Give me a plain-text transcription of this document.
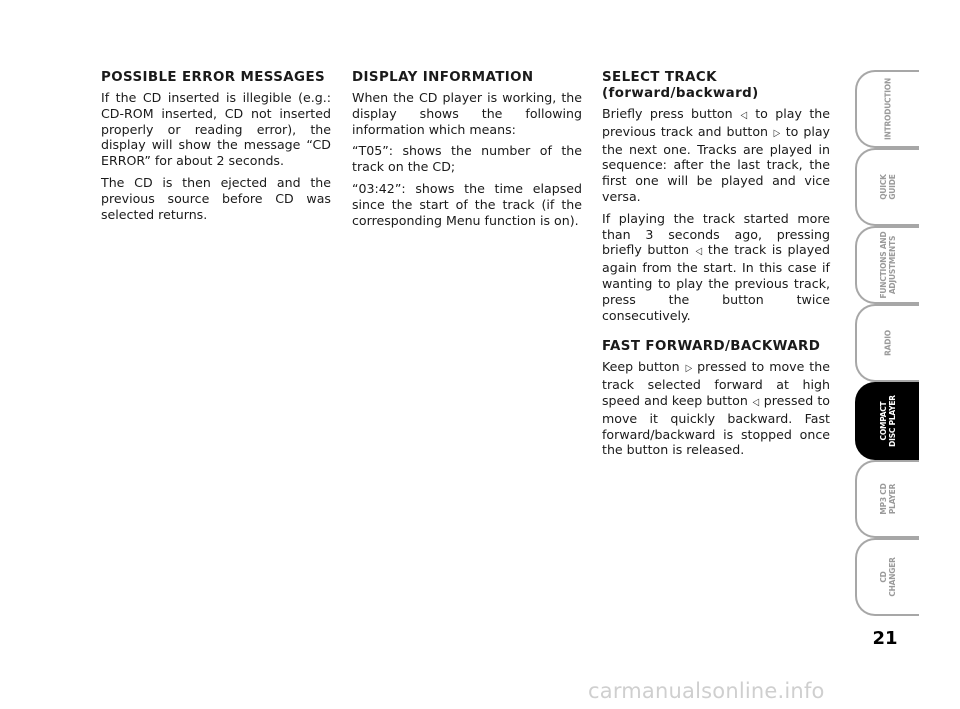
POSSIBLE ERROR MESSAGES

If the CD inserted is illegible (e.g.: CD-ROM inserted, CD not inserted properly or reading error), the display will show the message “CD ERROR” for about 2 seconds.

The CD is then ejected and the previous source before CD was selected returns.

DISPLAY INFORMATION

When the CD player is working, the display shows the following information which means:

“T05”: shows the number of the track on the CD;

“03:42”: shows the time elapsed since the start of the track (if the corresponding Menu function is on).

SELECT TRACK
(forward/backward)

Briefly press button ◁ to play the previous track and button ▷ to play the next one. Tracks are played in sequence: after the last track, the first one will be played and vice versa.

If playing the track started more than 3 seconds ago, pressing briefly button ◁ the track is played again from the start. In this case if wanting to play the previous track, press the button twice consecutively.

FAST FORWARD/BACKWARD

Keep button ▷ pressed to move the track selected forward at high speed and keep button ◁ pressed to move it quickly backward. Fast forward/backward is stopped once the button is released.

INTRODUCTION
QUICK GUIDE
FUNCTIONS AND ADJUSTMENTS
RADIO
COMPACT DISC PLAYER
MP3 CD PLAYER
CD CHANGER
21
carmanualsonline.info
